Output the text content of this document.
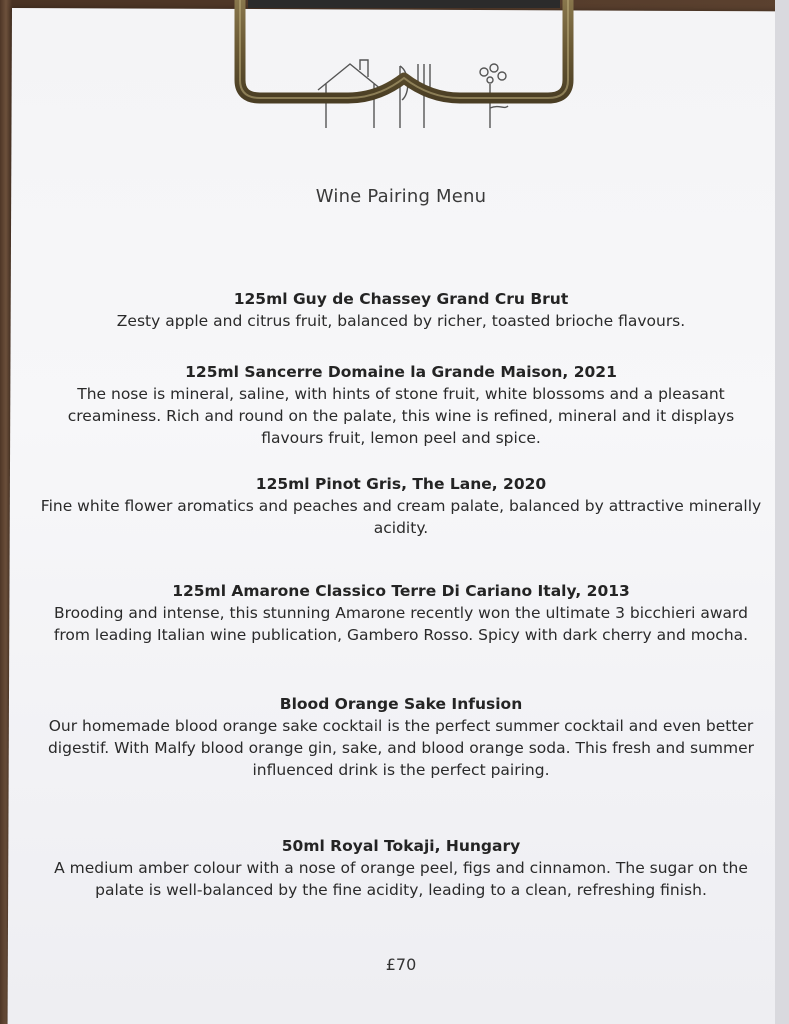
Wine Pairing Menu
125ml Guy de Chassey Grand Cru Brut
Zesty apple and citrus fruit, balanced by richer, toasted brioche flavours.
125ml Sancerre Domaine la Grande Maison, 2021
The nose is mineral, saline, with hints of stone fruit, white blossoms and a pleasant creaminess. Rich and round on the palate, this wine is refined, mineral and it displays flavours fruit, lemon peel and spice.
125ml Pinot Gris, The Lane, 2020
Fine white flower aromatics and peaches and cream palate, balanced by attractive minerally acidity.
125ml Amarone Classico Terre Di Cariano Italy, 2013
Brooding and intense, this stunning Amarone recently won the ultimate 3 bicchieri award from leading Italian wine publication, Gambero Rosso. Spicy with dark cherry and mocha.
Blood Orange Sake Infusion
Our homemade blood orange sake cocktail is the perfect summer cocktail and even better digestif. With Malfy blood orange gin, sake, and blood orange soda. This fresh and summer influenced drink is the perfect pairing.
50ml Royal Tokaji, Hungary
A medium amber colour with a nose of orange peel, figs and cinnamon. The sugar on the palate is well-balanced by the fine acidity, leading to a clean, refreshing finish.
£70
